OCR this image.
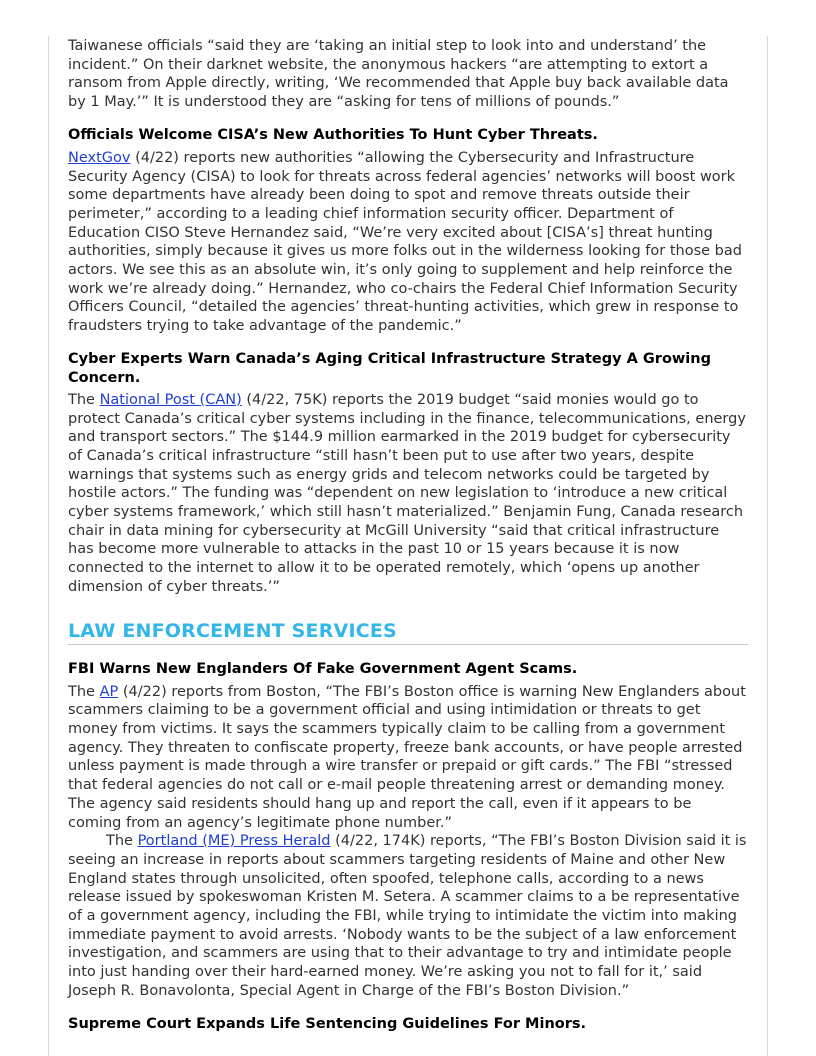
Taiwanese officials “said they are ‘taking an initial step to look into and understand’ the incident.” On their darknet website, the anonymous hackers “are attempting to extort a ransom from Apple directly, writing, ‘We recommended that Apple buy back available data by 1 May.’” It is understood they are “asking for tens of millions of pounds.”

Officials Welcome CISA’s New Authorities To Hunt Cyber Threats.

NextGov (4/22) reports new authorities “allowing the Cybersecurity and Infrastructure Security Agency (CISA) to look for threats across federal agencies’ networks will boost work some departments have already been doing to spot and remove threats outside their perimeter,” according to a leading chief information security officer. Department of Education CISO Steve Hernandez said, “We’re very excited about [CISA’s] threat hunting authorities, simply because it gives us more folks out in the wilderness looking for those bad actors. We see this as an absolute win, it’s only going to supplement and help reinforce the work we’re already doing.” Hernandez, who co-chairs the Federal Chief Information Security Officers Council, “detailed the agencies’ threat-hunting activities, which grew in response to fraudsters trying to take advantage of the pandemic.”

Cyber Experts Warn Canada’s Aging Critical Infrastructure Strategy A Growing Concern.

The National Post (CAN) (4/22, 75K) reports the 2019 budget “said monies would go to protect Canada’s critical cyber systems including in the finance, telecommunications, energy and transport sectors.” The $144.9 million earmarked in the 2019 budget for cybersecurity of Canada’s critical infrastructure “still hasn’t been put to use after two years, despite warnings that systems such as energy grids and telecom networks could be targeted by hostile actors.” The funding was “dependent on new legislation to ‘introduce a new critical cyber systems framework,’ which still hasn’t materialized.” Benjamin Fung, Canada research chair in data mining for cybersecurity at McGill University “said that critical infrastructure has become more vulnerable to attacks in the past 10 or 15 years because it is now connected to the internet to allow it to be operated remotely, which ‘opens up another dimension of cyber threats.’”

LAW ENFORCEMENT SERVICES
FBI Warns New Englanders Of Fake Government Agent Scams.

The AP (4/22) reports from Boston, “The FBI’s Boston office is warning New Englanders about scammers claiming to be a government official and using intimidation or threats to get money from victims. It says the scammers typically claim to be calling from a government agency. They threaten to confiscate property, freeze bank accounts, or have people arrested unless payment is made through a wire transfer or prepaid or gift cards.” The FBI “stressed that federal agencies do not call or e-mail people threatening arrest or demanding money. The agency said residents should hang up and report the call, even if it appears to be coming from an agency’s legitimate phone number.”

The Portland (ME) Press Herald (4/22, 174K) reports, “The FBI’s Boston Division said it is seeing an increase in reports about scammers targeting residents of Maine and other New England states through unsolicited, often spoofed, telephone calls, according to a news release issued by spokeswoman Kristen M. Setera. A scammer claims to a be representative of a government agency, including the FBI, while trying to intimidate the victim into making immediate payment to avoid arrests. ‘Nobody wants to be the subject of a law enforcement investigation, and scammers are using that to their advantage to try and intimidate people into just handing over their hard-earned money. We’re asking you not to fall for it,’ said Joseph R. Bonavolonta, Special Agent in Charge of the FBI’s Boston Division.”

Supreme Court Expands Life Sentencing Guidelines For Minors.
